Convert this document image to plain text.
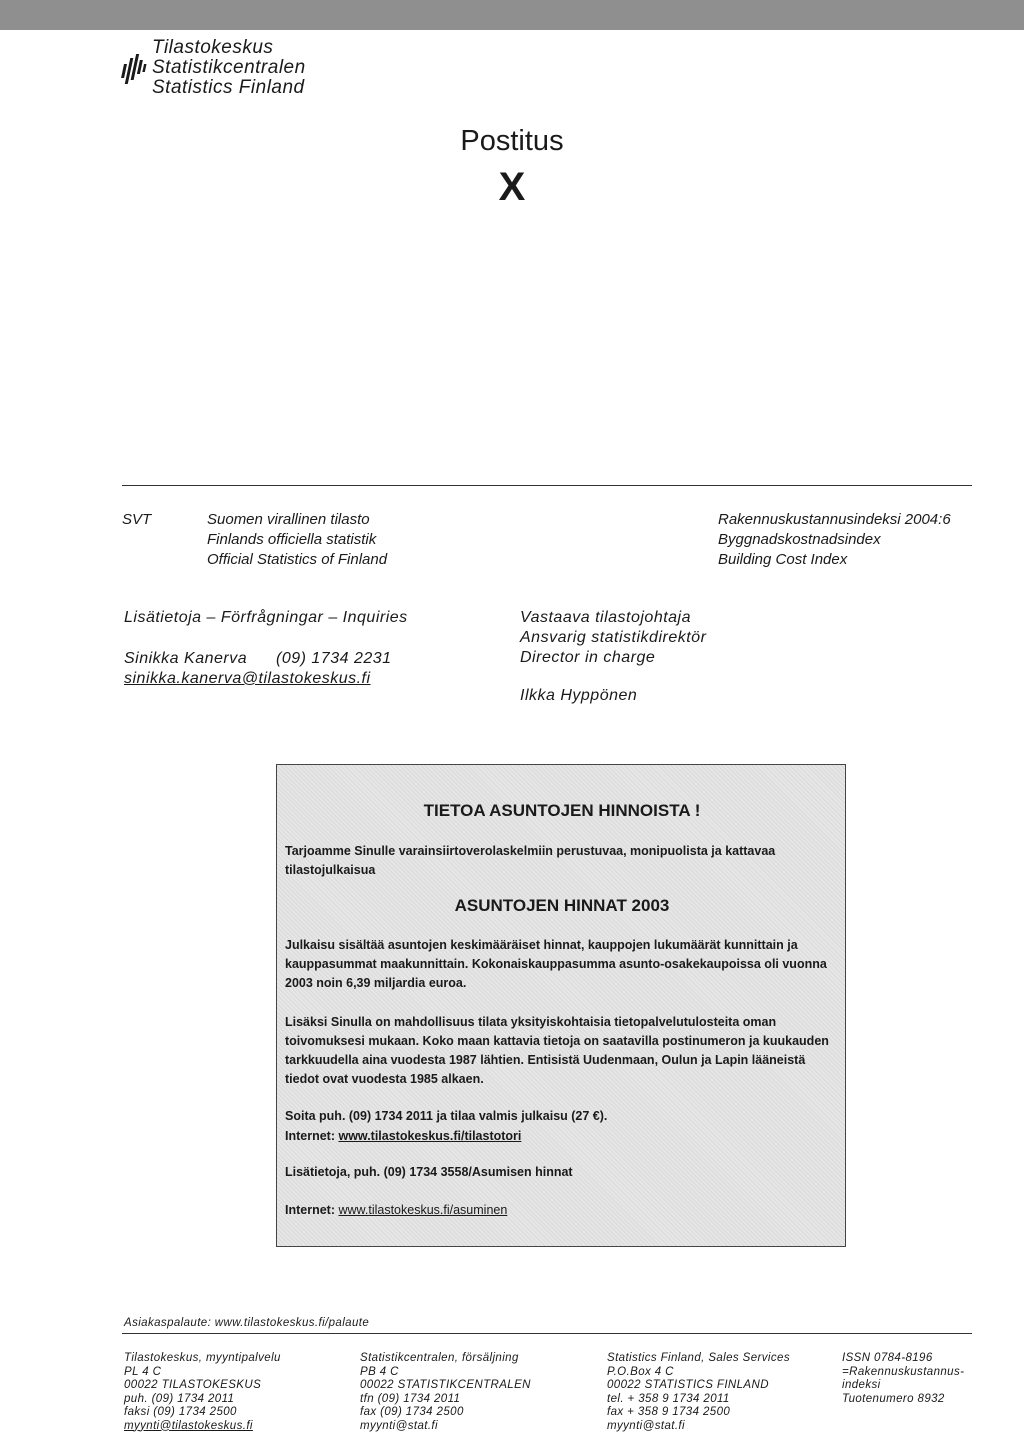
Tilastokeskus
Statistikcentralen
Statistics Finland
Postitus
X
SVT	Suomen virallinen tilasto
Finlands officiella statistik
Official Statistics of Finland
Rakennuskustannusindeksi 2004:6
Byggnadskostnadsindex
Building Cost Index
Lisätietoja – Förfrågningar – Inquiries
Sinikka Kanerva (09) 1734 2231
sinikka.kanerva@tilastokeskus.fi
Vastaava tilastojohtaja
Ansvarig statistikdirektör
Director in charge
Ilkka Hyppönen
TIETOA ASUNTOJEN HINNOISTA !
Tarjoamme Sinulle varainsiirtoverolaskelmiin perustuvaa, monipuolista ja kattavaa tilastojulkaisua
ASUNTOJEN HINNAT 2003
Julkaisu sisältää asuntojen keskimääräiset hinnat, kauppojen lukumäärät kunnittain ja kauppasummat maakunnittain. Kokonaiskauppasumma asunto-osakekaupoissa oli vuonna 2003 noin 6,39 miljardia euroa.
Lisäksi Sinulla on mahdollisuus tilata yksityiskohtaisia tietopalvelutulosteita oman toivomuksesi mukaan. Koko maan kattavia tietoja on saatavilla postinumeron ja kuukauden tarkkuudella aina vuodesta 1987 lähtien. Entisistä Uudenmaan, Oulun ja Lapin lääneistä tiedot ovat vuodesta 1985 alkaen.
Soita puh. (09) 1734 2011 ja tilaa valmis julkaisu (27 €).
Internet: www.tilastokeskus.fi/tilastotori
Lisätietoja, puh. (09) 1734 3558/Asumisen hinnat
Internet: www.tilastokeskus.fi/asuminen
Asiakaspalaute: www.tilastokeskus.fi/palaute
Tilastokeskus, myyntipalvelu
PL 4 C
00022 TILASTOKESKUS
puh. (09) 1734 2011
faksi (09) 1734 2500
myynti@tilastokeskus.fi
Statistikcentralen, försäljning
PB 4 C
00022 STATISTIKCENTRALEN
tfn (09) 1734 2011
fax (09) 1734 2500
myynti@stat.fi
Statistics Finland, Sales Services
P.O.Box 4 C
00022 STATISTICS FINLAND
tel. + 358 9 1734 2011
fax + 358 9 1734 2500
myynti@stat.fi
ISSN 0784-8196
=Rakennuskustannus-
indeksi
Tuotenumero 8932
